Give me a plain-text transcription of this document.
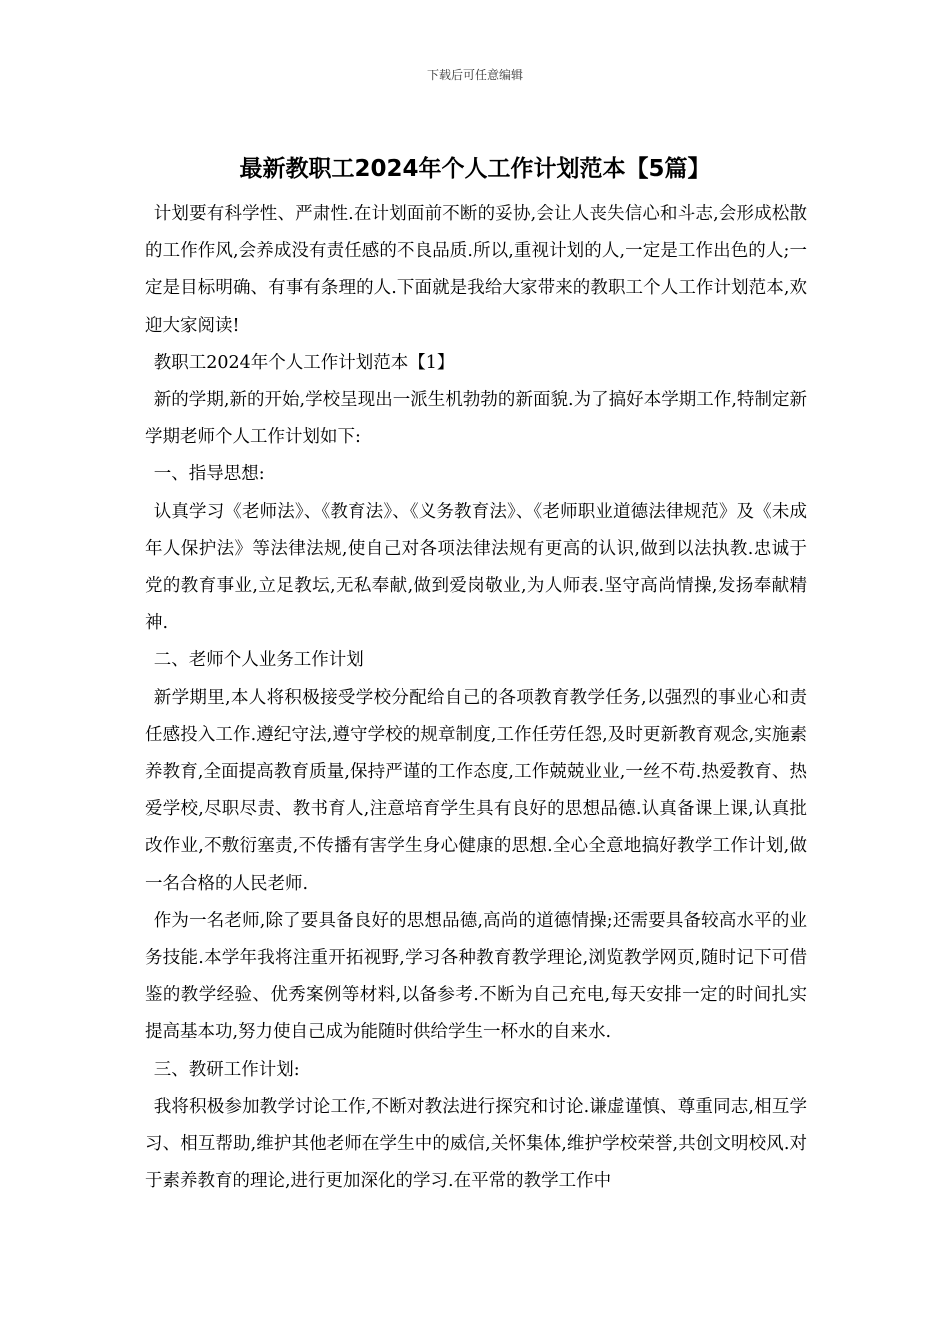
下载后可任意编辑
最新教职工2024年个人工作计划范本【5篇】

计划要有科学性、严肃性.在计划面前不断的妥协,会让人丧失信心和斗志,会形成松散的工作作风,会养成没有责任感的不良品质.所以,重视计划的人,一定是工作出色的人;一定是目标明确、有事有条理的人.下面就是我给大家带来的教职工个人工作计划范本,欢迎大家阅读!

教职工2024年个人工作计划范本【1】

新的学期,新的开始,学校呈现出一派生机勃勃的新面貌.为了搞好本学期工作,特制定新学期老师个人工作计划如下:

一、指导思想:

认真学习《老师法》、《教育法》、《义务教育法》、《老师职业道德法律规范》及《未成年人保护法》等法律法规,使自己对各项法律法规有更高的认识,做到以法执教.忠诚于党的教育事业,立足教坛,无私奉献,做到爱岗敬业,为人师表.坚守高尚情操,发扬奉献精神.

二、老师个人业务工作计划

新学期里,本人将积极接受学校分配给自己的各项教育教学任务,以强烈的事业心和责任感投入工作.遵纪守法,遵守学校的规章制度,工作任劳任怨,及时更新教育观念,实施素养教育,全面提高教育质量,保持严谨的工作态度,工作兢兢业业,一丝不苟.热爱教育、热爱学校,尽职尽责、教书育人,注意培育学生具有良好的思想品德.认真备课上课,认真批改作业,不敷衍塞责,不传播有害学生身心健康的思想.全心全意地搞好教学工作计划,做一名合格的人民老师.

作为一名老师,除了要具备良好的思想品德,高尚的道德情操;还需要具备较高水平的业务技能.本学年我将注重开拓视野,学习各种教育教学理论,浏览教学网页,随时记下可借鉴的教学经验、优秀案例等材料,以备参考.不断为自己充电,每天安排一定的时间扎实提高基本功,努力使自己成为能随时供给学生一杯水的自来水.

三、教研工作计划:

我将积极参加教学讨论工作,不断对教法进行探究和讨论.谦虚谨慎、尊重同志,相互学习、相互帮助,维护其他老师在学生中的威信,关怀集体,维护学校荣誉,共创文明校风.对于素养教育的理论,进行更加深化的学习.在平常的教学工作中
